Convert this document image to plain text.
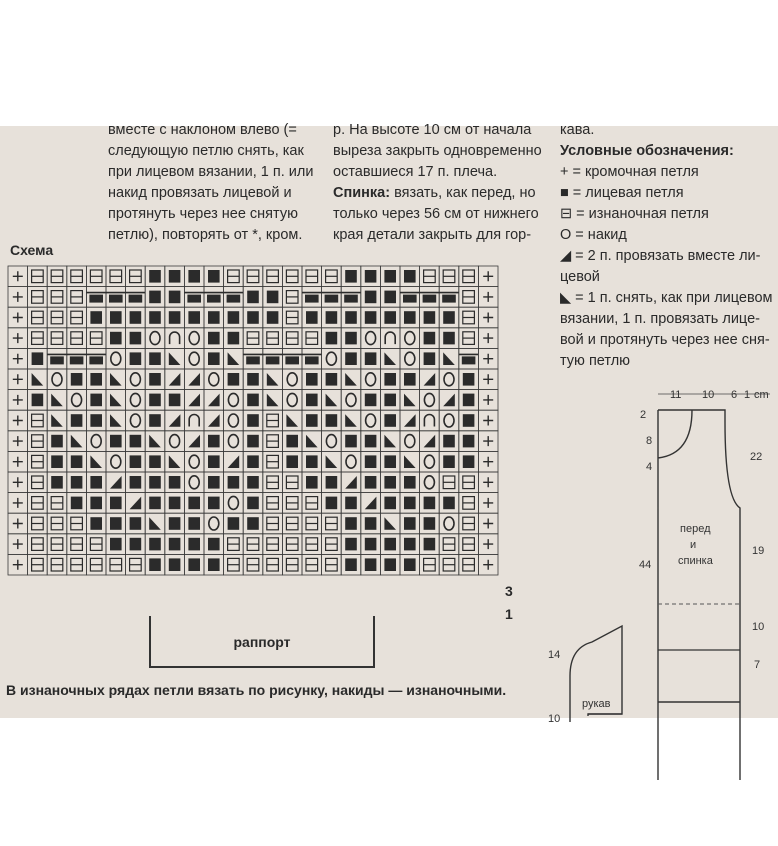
вместе с наклоном влево (=
следующую петлю снять, как
при лицевом вязании, 1 п. или
накид провязать лицевой и
протянуть через нее снятую
петлю), повторять от *, кром.
р. На высоте 10 см от начала
выреза закрыть одновременно
оставшиеся 17 п. плеча.
Спинка: вязать, как перед, но
только через 56 см от нижнего
края детали закрыть для гор-
кава.
Условные обозначения:
+ = кромочная петля
■ = лицевая петля
⊟ = изнаночная петля
O = накид
◢ = 2 п. провязать вместе ли-
цевой
◣ = 1 п. снять, как при лицевом
вязании, 1 п. провязать лице-
вой и протянуть через нее сня-
тую петлю
Схема
3
1
раппорт
В изнаночных рядах петли вязать по рисунку, накиды — изнаночными.
11 10 6 1 cm
перед
и
спинка
2
8
4
44
22
19
10
7
рукав
14
10
